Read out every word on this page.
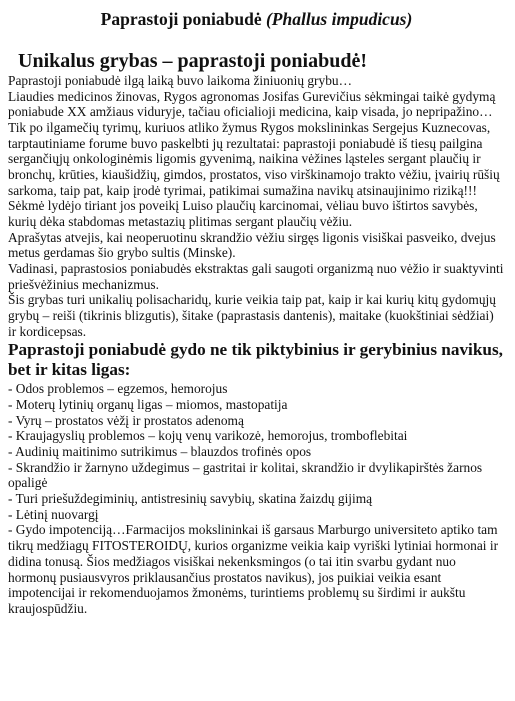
Paprastoji poniabudė (Phallus impudicus)
Unikalus grybas – paprastoji poniabudė!

Paprastoji poniabudė ilgą laiką buvo laikoma žiniuonių grybu…

Liaudies medicinos žinovas, Rygos agronomas Josifas Gurevičius sėkmingai taikė gydymą poniabude XX amžiaus viduryje, tačiau oficialioji medicina, kaip visada, jo nepripažino… Tik po ilgamečių tyrimų, kuriuos atliko žymus Rygos mokslininkas Sergejus Kuznecovas, tarptautiniame forume buvo paskelbti jų rezultatai: paprastoji poniabudė iš tiesų pailgina sergančiųjų onkologinėmis ligomis gyvenimą, naikina vėžines ląsteles sergant plaučių ir bronchų, krūties, kiaušidžių, gimdos, prostatos, viso virškinamojo trakto vėžiu, įvairių rūšių sarkoma, taip pat, kaip įrodė tyrimai, patikimai sumažina navikų atsinaujinimo riziką!!! Sėkmė lydėjo tiriant jos poveikį Luiso plaučių karcinomai, vėliau buvo ištirtos savybės, kurių dėka stabdomas metastazių plitimas sergant plaučių vėžiu.

Aprašytas atvejis, kai neoperuotinu skrandžio vėžiu sirgęs ligonis visiškai pasveiko, dvejus metus gerdamas šio grybo sultis (Minske).

Vadinasi, paprastosios poniabudės ekstraktas gali saugoti organizmą nuo vėžio ir suaktyvinti priešvėžinius mechanizmus.

Šis grybas turi unikalių polisacharidų, kurie veikia taip pat, kaip ir kai kurių kitų gydomųjų grybų – reiši (tikrinis blizgutis), šitake (paprastasis dantenis), maitake (kuokštiniai sėdžiai) ir kordicepsas.

Paprastoji poniabudė gydo ne tik piktybinius ir gerybinius navikus, bet ir kitas ligas:
- Odos problemos – egzemos, hemorojus
- Moterų lytinių organų ligas – miomos, mastopatija
- Vyrų – prostatos vėžį ir prostatos adenomą
- Kraujagyslių problemos – kojų venų varikozė, hemorojus, tromboflebitai
- Audinių maitinimo sutrikimus – blauzdos trofinės opos
- Skrandžio ir žarnyno uždegimus – gastritai ir kolitai, skrandžio ir dvylikapirštės žarnos opaligė
- Turi priešuždegiminių, antistresinių savybių, skatina žaizdų gijimą
- Lėtinį nuovargį
- Gydo impotenciją…Farmacijos mokslininkai iš garsaus Marburgo universiteto aptiko tam tikrų medžiagų FITOSTEROIDŲ, kurios organizme veikia kaip vyriški lytiniai hormonai ir didina tonusą. Šios medžiagos visiškai nekenksmingos (o tai itin svarbu gydant nuo hormonų pusiausvyros priklausančius prostatos navikus), jos puikiai veikia esant impotencijai ir rekomenduojamos žmonėms, turintiems problemų su širdimi ir aukštu kraujospūdžiu.
